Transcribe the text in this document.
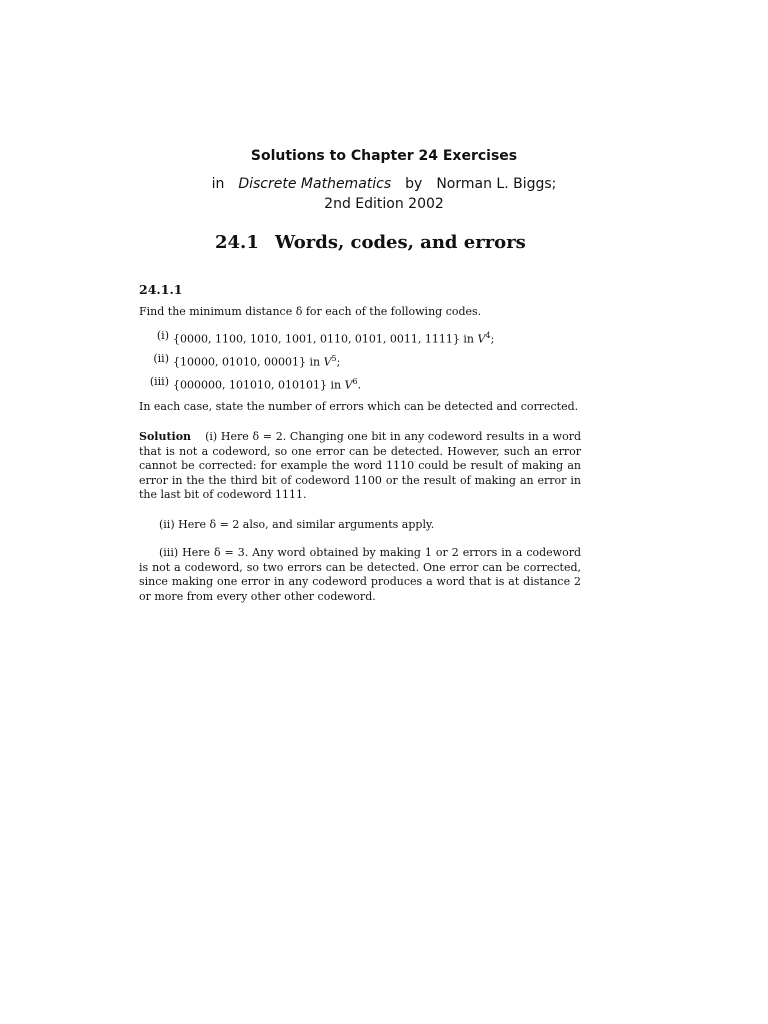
Solutions to Chapter 24 Exercises
in Discrete Mathematics by Norman L. Biggs;
2nd Edition 2002
24.1 Words, codes, and errors
24.1.1
Find the minimum distance δ for each of the following codes.
(i) {0000, 1100, 1010, 1001, 0110, 0101, 0011, 1111} in $V^4$;
(ii) {10000, 01010, 00001} in $V^5$;
(iii) {000000, 101010, 010101} in $V^6$.
In each case, state the number of errors which can be detected and corrected.
Solution (i) Here δ = 2. Changing one bit in any codeword results in a word that is not a codeword, so one error can be detected. However, such an error cannot be corrected: for example the word 1110 could be result of making an error in the the third bit of codeword 1100 or the result of making an error in the last bit of codeword 1111.
(ii) Here δ = 2 also, and similar arguments apply.
(iii) Here δ = 3. Any word obtained by making 1 or 2 errors in a codeword is not a codeword, so two errors can be detected. One error can be corrected, since making one error in any codeword produces a word that is at distance 2 or more from every other other codeword.
